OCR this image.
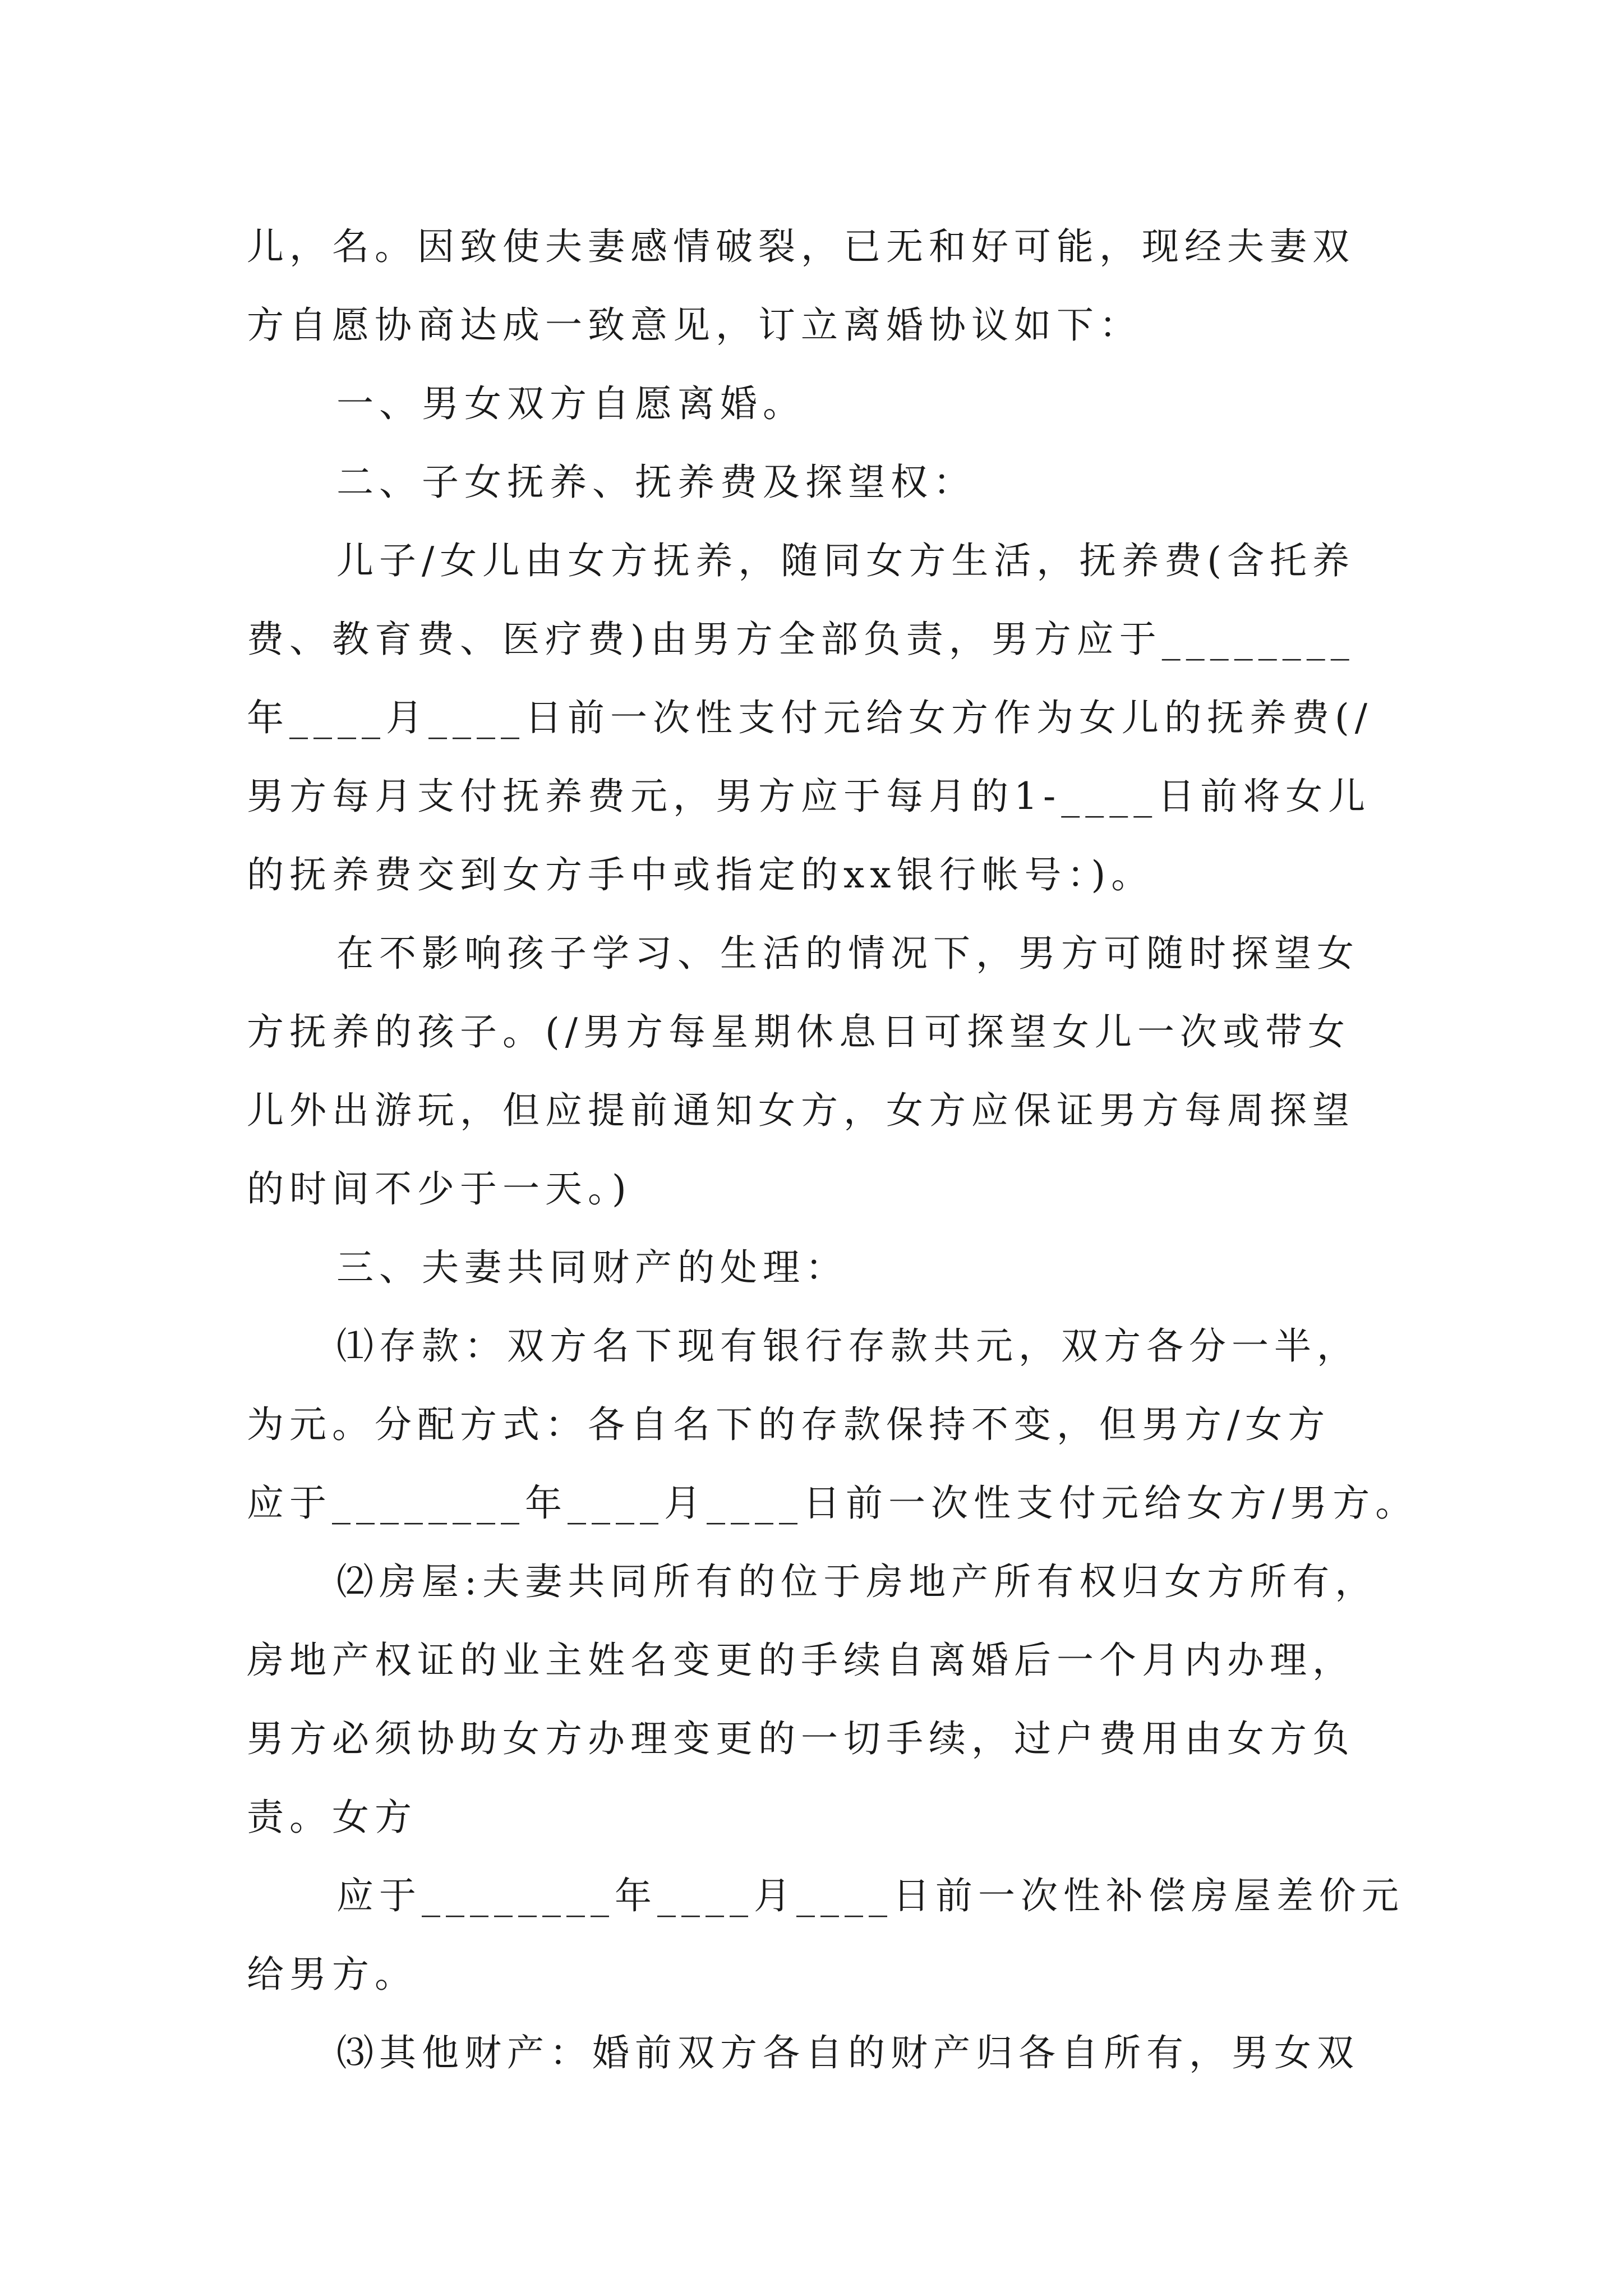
儿，名。因致使夫妻感情破裂，已无和好可能，现经夫妻双
方自愿协商达成一致意见，订立离婚协议如下：
一、男女双方自愿离婚。
二、子女抚养、抚养费及探望权：
儿子/女儿由女方抚养，随同女方生活，抚养费(含托养
费、教育费、医疗费)由男方全部负责，男方应于________
年____月____日前一次性支付元给女方作为女儿的抚养费(/
男方每月支付抚养费元，男方应于每月的1-____日前将女儿
的抚养费交到女方手中或指定的xx银行帐号：)。
在不影响孩子学习、生活的情况下，男方可随时探望女
方抚养的孩子。(/男方每星期休息日可探望女儿一次或带女
儿外出游玩，但应提前通知女方，女方应保证男方每周探望
的时间不少于一天。)
三、夫妻共同财产的处理：
⑴存款：双方名下现有银行存款共元，双方各分一半，
为元。分配方式：各自名下的存款保持不变，但男方/女方
应于________年____月____日前一次性支付元给女方/男方。
⑵房屋:夫妻共同所有的位于房地产所有权归女方所有，
房地产权证的业主姓名变更的手续自离婚后一个月内办理，
男方必须协助女方办理变更的一切手续，过户费用由女方负
责。女方
应于________年____月____日前一次性补偿房屋差价元
给男方。
⑶其他财产：婚前双方各自的财产归各自所有，男女双
